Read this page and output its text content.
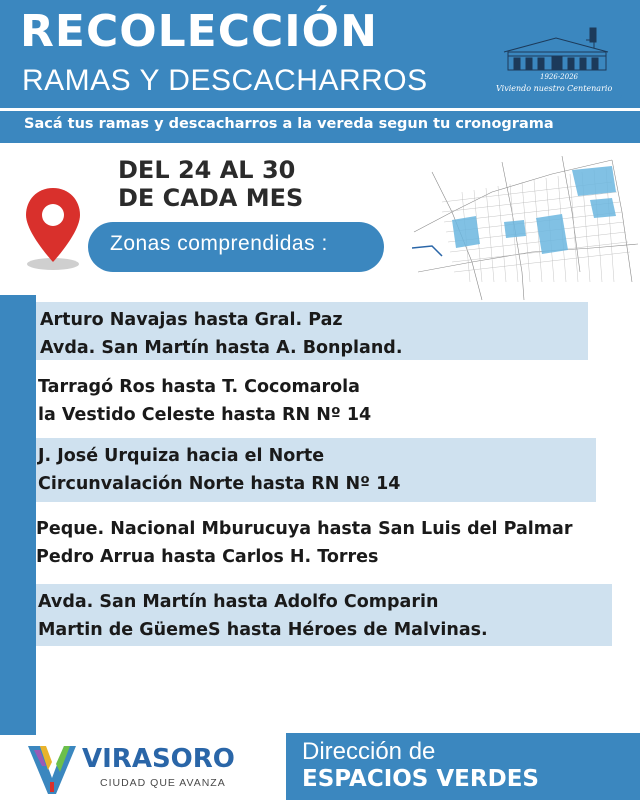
RECOLECCIÓN
RAMAS Y DESCACHARROS	1926-2026
Viviendo nuestro Centenario
Sacá tus ramas y descacharros a la vereda segun tu cronograma
DEL 24 AL 30
DE CADA MES
Zonas comprendidas :
Arturo Navajas hasta Gral. Paz
Avda. San Martín hasta A. Bonpland.
Tarragó Ros hasta T. Cocomarola
la Vestido Celeste hasta RN Nº 14
J. José Urquiza hacia el Norte
Circunvalación Norte hasta RN Nº 14
Peque. Nacional Mburucuya hasta San Luis del Palmar
Pedro Arrua hasta Carlos H. Torres
Avda. San Martín hasta Adolfo Comparin
Martin de GüemeS hasta Héroes de Malvinas.
VIRASORO
CIUDAD QUE AVANZA
Dirección de
ESPACIOS VERDES
